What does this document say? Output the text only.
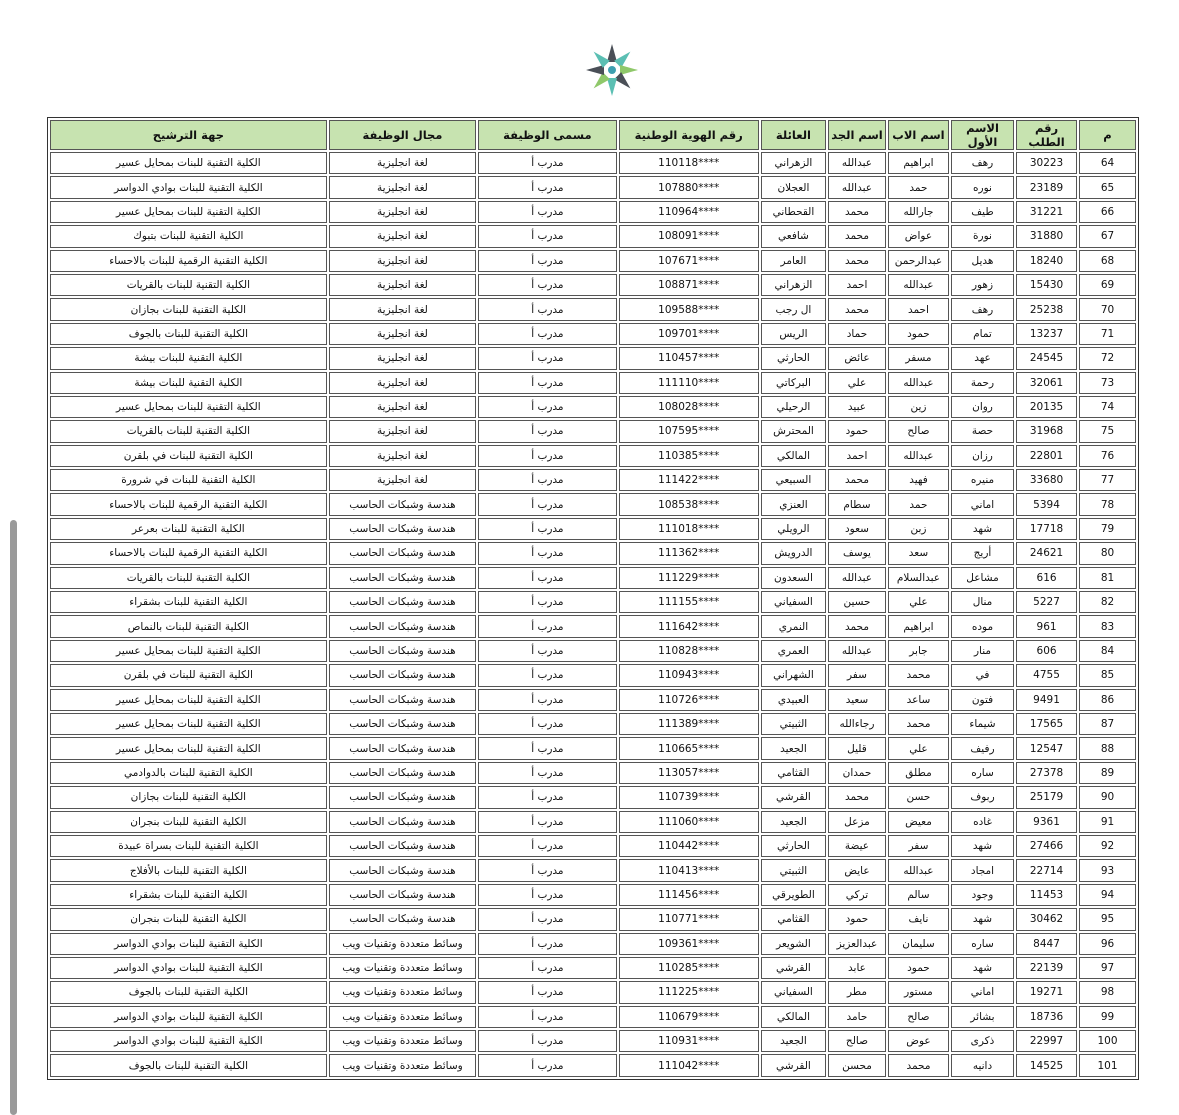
م	رقم الطلب	الاسم الأول	اسم الاب	اسم الجد	العائلة	رقم الهوية الوطنية	مسمى الوظيفة	مجال الوظيفة	جهة الترشيح
64	30223	رهف	ابراهيم	عبدالله	الزهراني	110118****	مدرب أ	لغة انجليزية	الكلية التقنية للبنات بمحايل عسير
65	23189	نوره	حمد	عبدالله	العجلان	107880****	مدرب أ	لغة انجليزية	الكلية التقنية للبنات بوادي الدواسر
66	31221	طيف	جارالله	محمد	القحطاني	110964****	مدرب أ	لغة انجليزية	الكلية التقنية للبنات بمحايل عسير
67	31880	نورة	عواض	محمد	شافعي	108091****	مدرب أ	لغة انجليزية	الكلية التقنية للبنات بتبوك
68	18240	هديل	عبدالرحمن	محمد	العامر	107671****	مدرب أ	لغة انجليزية	الكلية التقنية الرقمية للبنات بالاحساء
69	15430	زهور	عبدالله	احمد	الزهراني	108871****	مدرب أ	لغة انجليزية	الكلية التقنية للبنات بالقريات
70	25238	رهف	احمد	محمد	ال رجب	109588****	مدرب أ	لغة انجليزية	الكلية التقنية للبنات بجازان
71	13237	تمام	حمود	حماد	الريس	109701****	مدرب أ	لغة انجليزية	الكلية التقنية للبنات بالجوف
72	24545	عهد	مسفر	عائض	الحارثي	110457****	مدرب أ	لغة انجليزية	الكلية التقنية للبنات بيشة
73	32061	رحمة	عبدالله	علي	البركاتي	111110****	مدرب أ	لغة انجليزية	الكلية التقنية للبنات بيشة
74	20135	روان	زين	عبيد	الرحيلي	108028****	مدرب أ	لغة انجليزية	الكلية التقنية للبنات بمحايل عسير
75	31968	حصة	صالح	حمود	المحترش	107595****	مدرب أ	لغة انجليزية	الكلية التقنية للبنات بالقريات
76	22801	رزان	عبدالله	احمد	المالكي	110385****	مدرب أ	لغة انجليزية	الكلية التقنية للبنات في بلقرن
77	33680	منيره	فهيد	محمد	السبيعي	111422****	مدرب أ	لغة انجليزية	الكلية التقنية للبنات في شرورة
78	5394	اماني	حمد	سطام	العنزي	108538****	مدرب أ	هندسة وشبكات الحاسب	الكلية التقنية الرقمية للبنات بالاحساء
79	17718	شهد	زبن	سعود	الرويلي	111018****	مدرب أ	هندسة وشبكات الحاسب	الكلية التقنية للبنات بعرعر
80	24621	أريج	سعد	يوسف	الدرويش	111362****	مدرب أ	هندسة وشبكات الحاسب	الكلية التقنية الرقمية للبنات بالاحساء
81	616	مشاعل	عبدالسلام	عبدالله	السعدون	111229****	مدرب أ	هندسة وشبكات الحاسب	الكلية التقنية للبنات بالقريات
82	5227	منال	علي	حسين	السفياني	111155****	مدرب أ	هندسة وشبكات الحاسب	الكلية التقنية للبنات بشقراء
83	961	موده	ابراهيم	محمد	النمري	111642****	مدرب أ	هندسة وشبكات الحاسب	الكلية التقنية للبنات بالنماص
84	606	منار	جابر	عبدالله	العمري	110828****	مدرب أ	هندسة وشبكات الحاسب	الكلية التقنية للبنات بمحايل عسير
85	4755	في	محمد	سفر	الشهراني	110943****	مدرب أ	هندسة وشبكات الحاسب	الكلية التقنية للبنات في بلقرن
86	9491	فتون	ساعد	سعيد	العبيدي	110726****	مدرب أ	هندسة وشبكات الحاسب	الكلية التقنية للبنات بمحايل عسير
87	17565	شيماء	محمد	رجاءالله	الثبيتي	111389****	مدرب أ	هندسة وشبكات الحاسب	الكلية التقنية للبنات بمحايل عسير
88	12547	رفيف	علي	قليل	الجعيد	110665****	مدرب أ	هندسة وشبكات الحاسب	الكلية التقنية للبنات بمحايل عسير
89	27378	ساره	مطلق	حمدان	القثامي	113057****	مدرب أ	هندسة وشبكات الحاسب	الكلية التقنية للبنات بالدوادمي
90	25179	ربوف	حسن	محمد	القرشي	110739****	مدرب أ	هندسة وشبكات الحاسب	الكلية التقنية للبنات بجازان
91	9361	غاده	معيض	مزعل	الجعيد	111060****	مدرب أ	هندسة وشبكات الحاسب	الكلية التقنية للبنات بنجران
92	27466	شهد	سفر	عيضة	الحارثي	110442****	مدرب أ	هندسة وشبكات الحاسب	الكلية التقنية للبنات بسراة عبيدة
93	22714	امجاد	عبدالله	عايض	الثبيتي	110413****	مدرب أ	هندسة وشبكات الحاسب	الكلية التقنية للبنات بالأفلاج
94	11453	وجود	سالم	تركي	الطويرقي	111456****	مدرب أ	هندسة وشبكات الحاسب	الكلية التقنية للبنات بشقراء
95	30462	شهد	نايف	حمود	القثامي	110771****	مدرب أ	هندسة وشبكات الحاسب	الكلية التقنية للبنات بنجران
96	8447	ساره	سليمان	عبدالعزيز	الشويعر	109361****	مدرب أ	وسائط متعددة وتقنيات ويب	الكلية التقنية للبنات بوادي الدواسر
97	22139	شهد	حمود	عابد	القرشي	110285****	مدرب أ	وسائط متعددة وتقنيات ويب	الكلية التقنية للبنات بوادي الدواسر
98	19271	اماني	مستور	مطر	السفياني	111225****	مدرب أ	وسائط متعددة وتقنيات ويب	الكلية التقنية للبنات بالجوف
99	18736	بشائر	صالح	حامد	المالكي	110679****	مدرب أ	وسائط متعددة وتقنيات ويب	الكلية التقنية للبنات بوادي الدواسر
100	22997	ذكرى	عوض	صالح	الجعيد	110931****	مدرب أ	وسائط متعددة وتقنيات ويب	الكلية التقنية للبنات بوادي الدواسر
101	14525	دانيه	محمد	محسن	القرشي	111042****	مدرب أ	وسائط متعددة وتقنيات ويب	الكلية التقنية للبنات بالجوف
